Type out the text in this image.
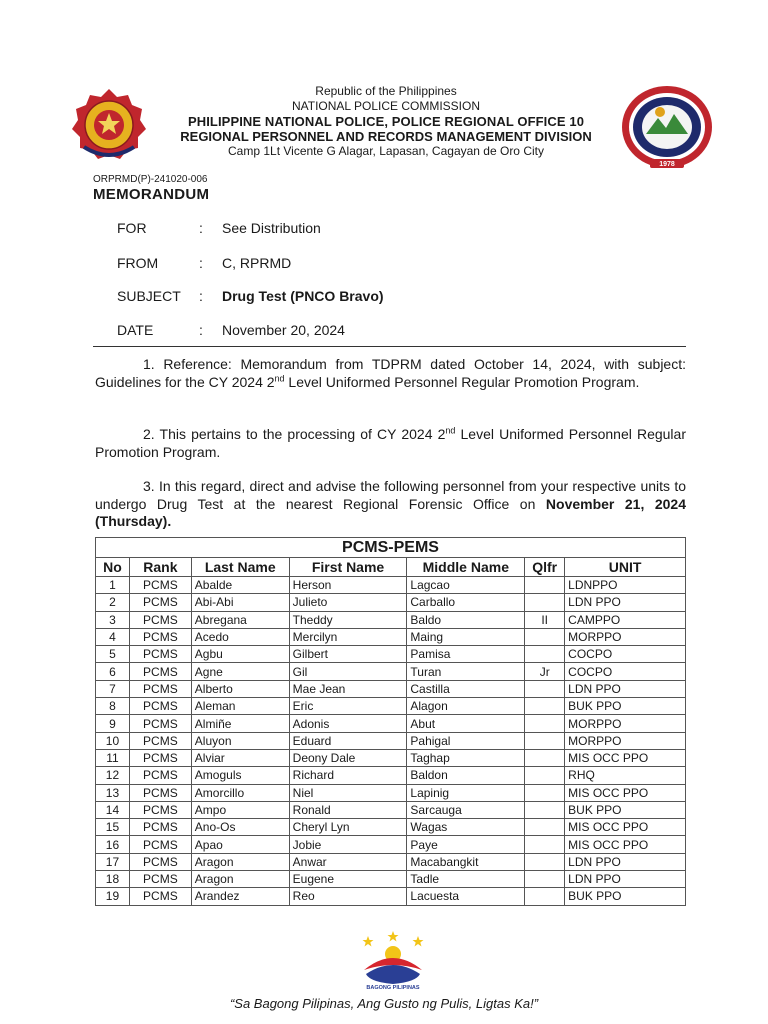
1978
Republic of the Philippines
NATIONAL POLICE COMMISSION
PHILIPPINE NATIONAL POLICE, POLICE REGIONAL OFFICE 10
REGIONAL PERSONNEL AND RECORDS MANAGEMENT DIVISION
Camp 1Lt Vicente G Alagar, Lapasan, Cagayan de Oro City
ORPRMD(P)-241020-006
MEMORANDUM
FOR	: See Distribution
FROM	: C, RPRMD
SUBJECT	: Drug Test (PNCO Bravo)
DATE	: November 20, 2024
1. Reference: Memorandum from TDPRM dated October 14, 2024, with subject: Guidelines for the CY 2024 2nd Level Uniformed Personnel Regular Promotion Program.
2. This pertains to the processing of CY 2024 2nd Level Uniformed Personnel Regular Promotion Program.
3. In this regard, direct and advise the following personnel from your respective units to undergo Drug Test at the nearest Regional Forensic Office on November 21, 2024 (Thursday).
PCMS-PEMS						
No	Rank	Last Name	First Name	Middle Name	Qlfr	UNIT
1	PCMS	Abalde	Herson	Lagcao		LDNPPO
2	PCMS	Abi-Abi	Julieto	Carballo		LDN PPO
3	PCMS	Abregana	Theddy	Baldo	II	CAMPPO
4	PCMS	Acedo	Mercilyn	Maing		MORPPO
5	PCMS	Agbu	Gilbert	Pamisa		COCPO
6	PCMS	Agne	Gil	Turan	Jr	COCPO
7	PCMS	Alberto	Mae Jean	Castilla		LDN PPO
8	PCMS	Aleman	Eric	Alagon		BUK PPO
9	PCMS	Almiñe	Adonis	Abut		MORPPO
10	PCMS	Aluyon	Eduard	Pahigal		MORPPO
11	PCMS	Alviar	Deony Dale	Taghap		MIS OCC PPO
12	PCMS	Amoguls	Richard	Baldon		RHQ
13	PCMS	Amorcillo	Niel	Lapinig		MIS OCC PPO
14	PCMS	Ampo	Ronald	Sarcauga		BUK PPO
15	PCMS	Ano-Os	Cheryl Lyn	Wagas		MIS OCC PPO
16	PCMS	Apao	Jobie	Paye		MIS OCC PPO
17	PCMS	Aragon	Anwar	Macabangkit		LDN PPO
18	PCMS	Aragon	Eugene	Tadle		LDN PPO
19	PCMS	Arandez	Reo	Lacuesta		BUK PPO
BAGONG PILIPINAS
“Sa Bagong Pilipinas, Ang Gusto ng Pulis, Ligtas Ka!”
